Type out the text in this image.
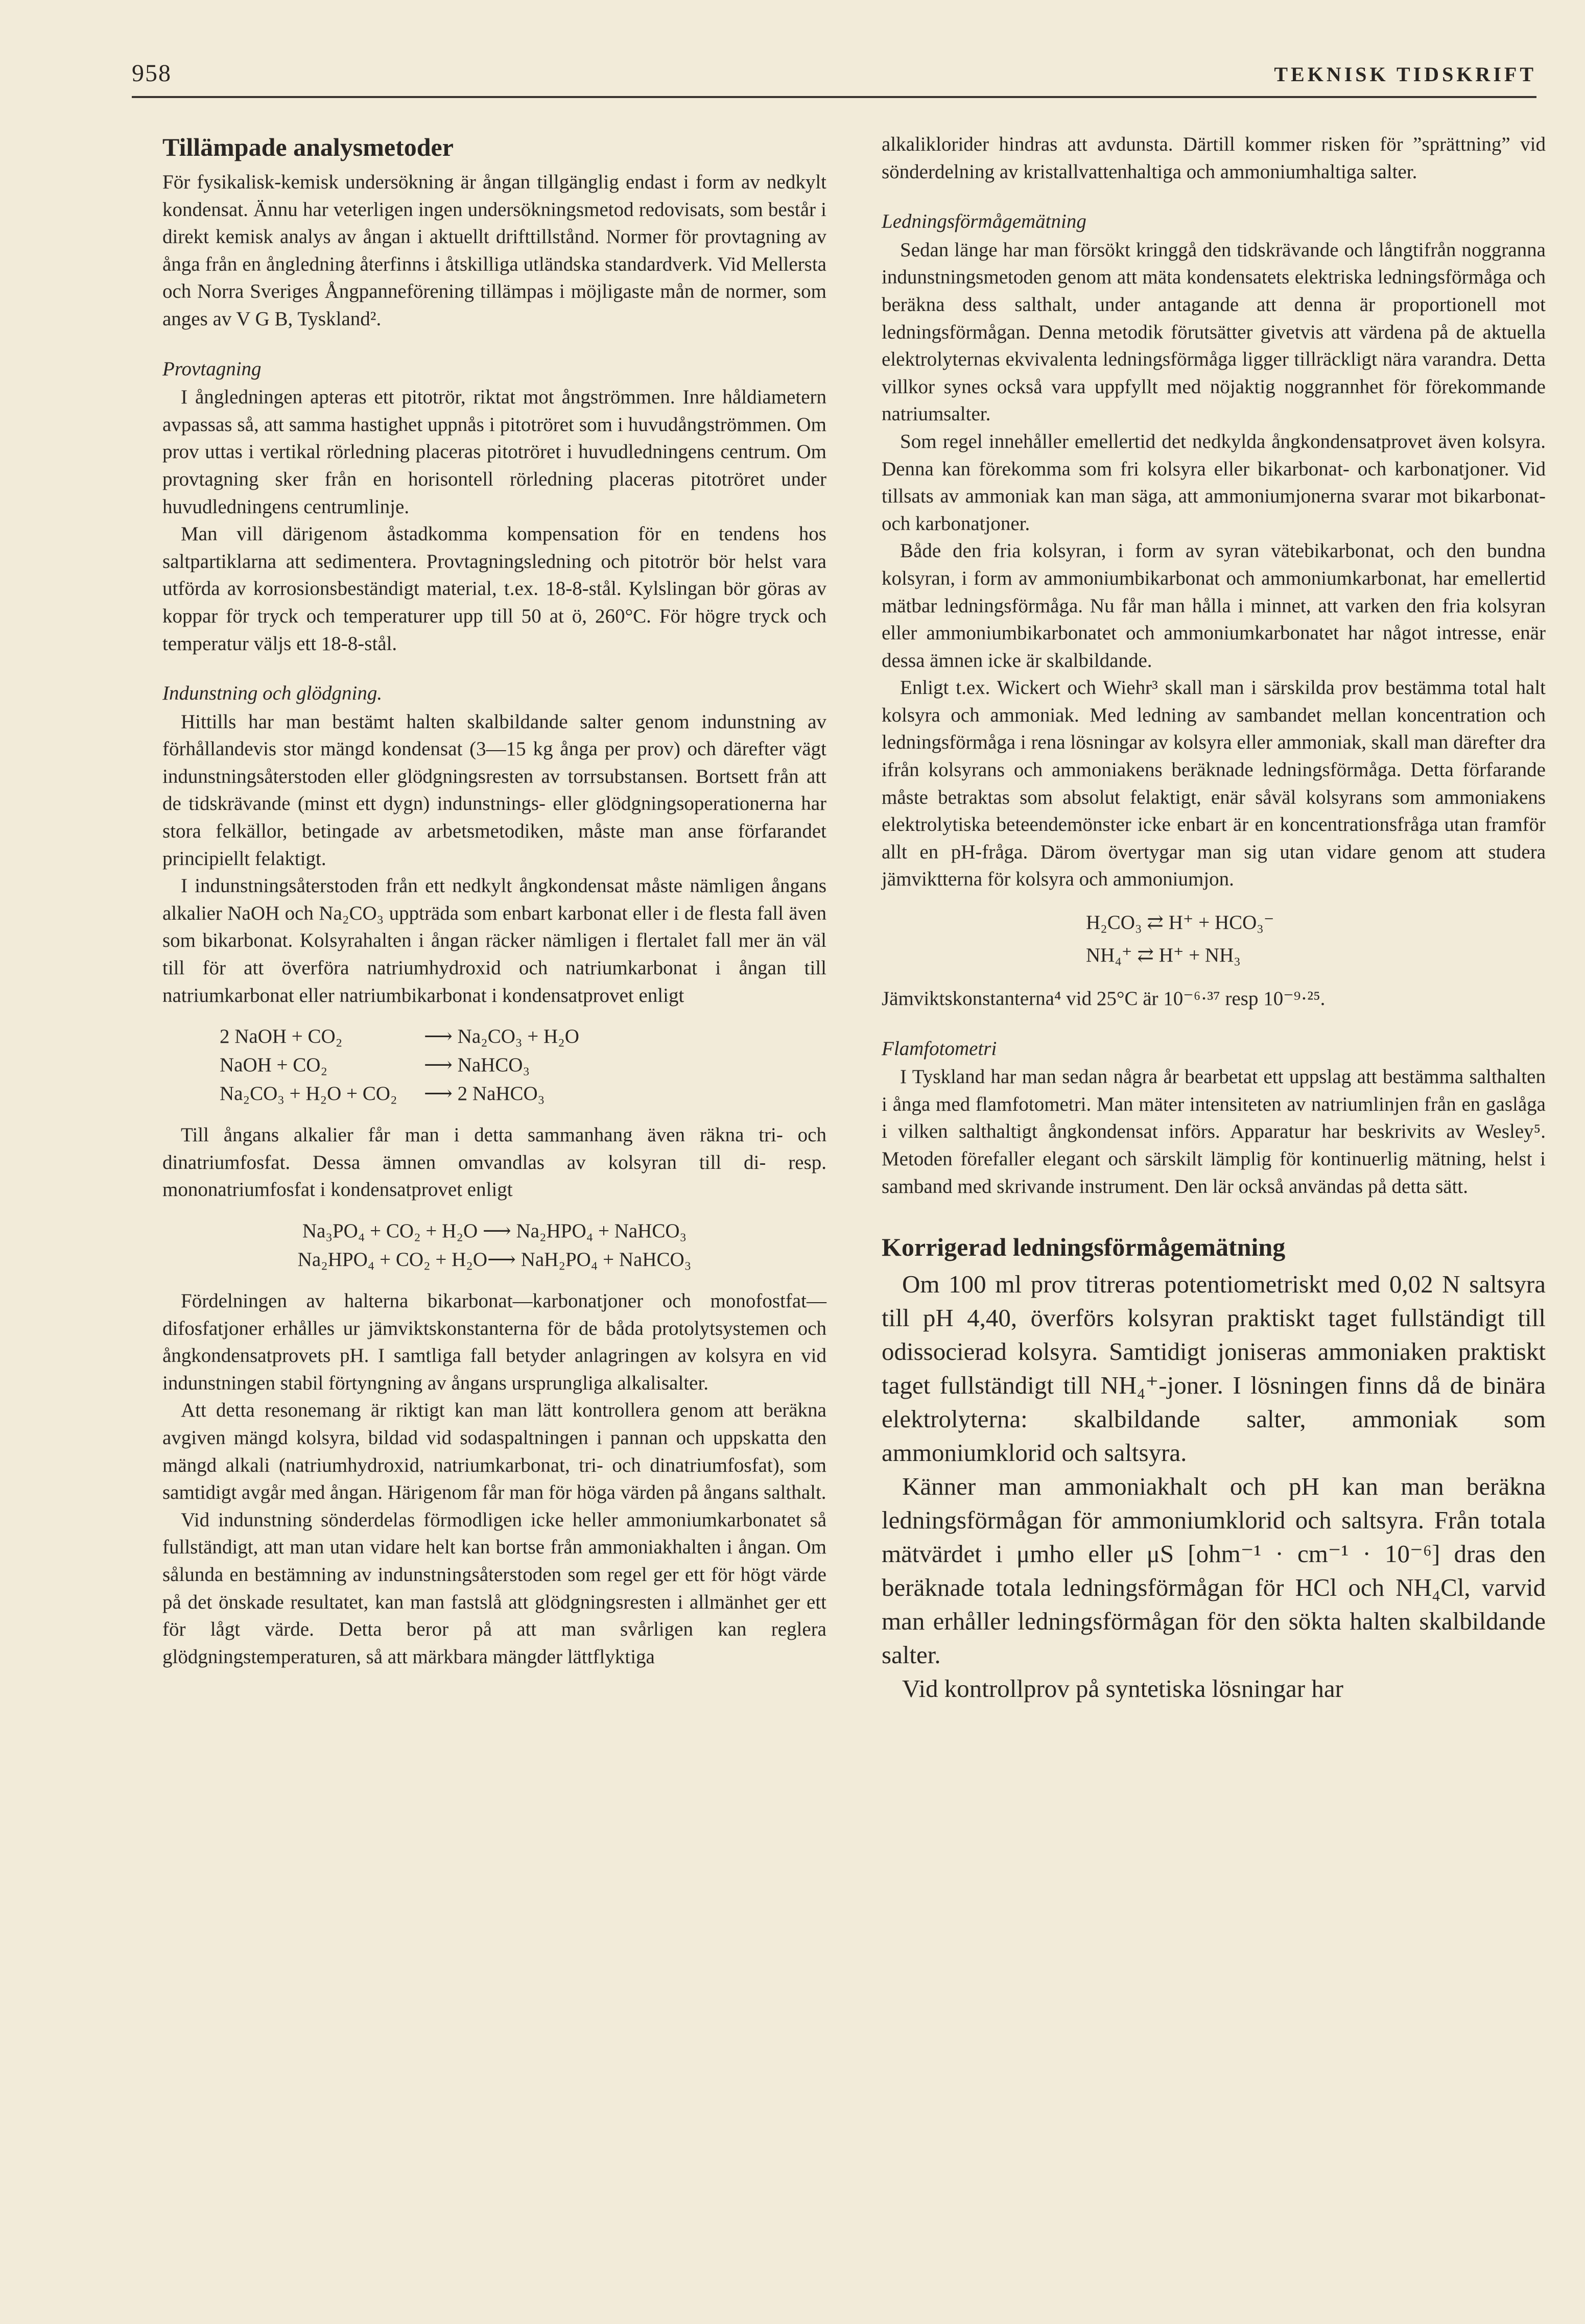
958	TEKNISK TIDSKRIFT
Tillämpade analysmetoder

För fysikalisk-kemisk undersökning är ångan tillgänglig endast i form av nedkylt kondensat. Ännu har veterligen ingen undersökningsmetod redovisats, som består i direkt kemisk analys av ångan i aktuellt drifttillstånd. Normer för provtagning av ånga från en ångledning återfinns i åtskilliga utländska standardverk. Vid Mellersta och Norra Sveriges Ångpanneförening tillämpas i möjligaste mån de normer, som anges av V G B, Tyskland².

Provtagning

I ångledningen apteras ett pitotrör, riktat mot ångströmmen. Inre håldiametern avpassas så, att samma hastighet uppnås i pitotröret som i huvudångströmmen. Om prov uttas i vertikal rörledning placeras pitotröret i huvudledningens centrum. Om provtagning sker från en horisontell rörledning placeras pitotröret under huvudledningens centrumlinje.

Man vill därigenom åstadkomma kompensation för en tendens hos saltpartiklarna att sedimentera. Provtagningsledning och pitotrör bör helst vara utförda av korrosionsbeständigt material, t.ex. 18-8-stål. Kylslingan bör göras av koppar för tryck och temperaturer upp till 50 at ö, 260°C. För högre tryck och temperatur väljs ett 18-8-stål.

Indunstning och glödgning.

Hittills har man bestämt halten skalbildande salter genom indunstning av förhållandevis stor mängd kondensat (3—15 kg ånga per prov) och därefter vägt indunstningsåterstoden eller glödgningsresten av torrsubstansen. Bortsett från att de tidskrävande (minst ett dygn) indunstnings- eller glödgningsoperationerna har stora felkällor, betingade av arbetsmetodiken, måste man anse förfarandet principiellt felaktigt.

I indunstningsåterstoden från ett nedkylt ångkondensat måste nämligen ångans alkalier NaOH och Na₂CO₃ uppträda som enbart karbonat eller i de flesta fall även som bikarbonat. Kolsyrahalten i ångan räcker nämligen i flertalet fall mer än väl till för att överföra natriumhydroxid och natriumkarbonat i ångan till natriumkarbonat eller natriumbikarbonat i kondensatprovet enligt

2 NaOH + CO₂	⟶ Na₂CO₃ + H₂O
NaOH + CO₂	⟶ NaHCO₃
Na₂CO₃ + H₂O + CO₂	⟶ 2 NaHCO₃

Till ångans alkalier får man i detta sammanhang även räkna tri- och dinatriumfosfat. Dessa ämnen omvandlas av kolsyran till di- resp. mononatriumfosfat i kondensatprovet enligt

Na₃PO₄ + CO₂ + H₂O ⟶ Na₂HPO₄ + NaHCO₃
Na₂HPO₄ + CO₂ + H₂O⟶ NaH₂PO₄ + NaHCO₃

Fördelningen av halterna bikarbonat—karbonatjoner och monofostfat—difosfatjoner erhålles ur jämviktskonstanterna för de båda protolytsystemen och ångkondensatprovets pH. I samtliga fall betyder anlagringen av kolsyra en vid indunstningen stabil förtyngning av ångans ursprungliga alkalisalter.

Att detta resonemang är riktigt kan man lätt kontrollera genom att beräkna avgiven mängd kolsyra, bildad vid sodaspaltningen i pannan och uppskatta den mängd alkali (natriumhydroxid, natriumkarbonat, tri- och dinatriumfosfat), som samtidigt avgår med ångan. Härigenom får man för höga värden på ångans salthalt.

Vid indunstning sönderdelas förmodligen icke heller ammoniumkarbonatet så fullständigt, att man utan vidare helt kan bortse från ammoniakhalten i ångan. Om sålunda en bestämning av indunstningsåterstoden som regel ger ett för högt värde på det önskade resultatet, kan man fastslå att glödgningsresten i allmänhet ger ett för lågt värde. Detta beror på att man svårligen kan reglera glödgningstemperaturen, så att märkbara mängder lättflyktiga

alkaliklorider hindras att avdunsta. Därtill kommer risken för ”sprättning” vid sönderdelning av kristallvattenhaltiga och ammoniumhaltiga salter.

Ledningsförmågemätning

Sedan länge har man försökt kringgå den tidskrävande och långtifrån noggranna indunstningsmetoden genom att mäta kondensatets elektriska ledningsförmåga och beräkna dess salthalt, under antagande att denna är proportionell mot ledningsförmågan. Denna metodik förutsätter givetvis att värdena på de aktuella elektrolyternas ekvivalenta ledningsförmåga ligger tillräckligt nära varandra. Detta villkor synes också vara uppfyllt med nöjaktig noggrannhet för förekommande natriumsalter.

Som regel innehåller emellertid det nedkylda ångkondensatprovet även kolsyra. Denna kan förekomma som fri kolsyra eller bikarbonat- och karbonatjoner. Vid tillsats av ammoniak kan man säga, att ammoniumjonerna svarar mot bikarbonat- och karbonatjoner.

Både den fria kolsyran, i form av syran vätebikarbonat, och den bundna kolsyran, i form av ammoniumbikarbonat och ammoniumkarbonat, har emellertid mätbar ledningsförmåga. Nu får man hålla i minnet, att varken den fria kolsyran eller ammoniumbikarbonatet och ammoniumkarbonatet har något intresse, enär dessa ämnen icke är skalbildande.

Enligt t.ex. Wickert och Wiehr³ skall man i särskilda prov bestämma total halt kolsyra och ammoniak. Med ledning av sambandet mellan koncentration och ledningsförmåga i rena lösningar av kolsyra eller ammoniak, skall man därefter dra ifrån kolsyrans och ammoniakens beräknade ledningsförmåga. Detta förfarande måste betraktas som absolut felaktigt, enär såväl kolsyrans som ammoniakens elektrolytiska beteendemönster icke enbart är en koncentrationsfråga utan framför allt en pH-fråga. Därom övertygar man sig utan vidare genom att studera jämviktterna för kolsyra och ammoniumjon.

H₂CO₃ ⇄ H⁺ + HCO₃⁻
NH₄⁺ ⇄ H⁺ + NH₃

Jämviktskonstanterna⁴ vid 25°C är 10⁻⁶·³⁷ resp 10⁻⁹·²⁵.

Flamfotometri

I Tyskland har man sedan några år bearbetat ett uppslag att bestämma salthalten i ånga med flamfotometri. Man mäter intensiteten av natriumlinjen från en gaslåga i vilken salthaltigt ångkondensat införs. Apparatur har beskrivits av Wesley⁵. Metoden förefaller elegant och särskilt lämplig för kontinuerlig mätning, helst i samband med skrivande instrument. Den lär också användas på detta sätt.

Korrigerad ledningsförmågemätning

Om 100 ml prov titreras potentiometriskt med 0,02 N saltsyra till pH 4,40, överförs kolsyran praktiskt taget fullständigt till odissocierad kolsyra. Samtidigt joniseras ammoniaken praktiskt taget fullständigt till NH₄⁺-joner. I lösningen finns då de binära elektrolyterna: skalbildande salter, ammoniak som ammoniumklorid och saltsyra.

Känner man ammoniakhalt och pH kan man beräkna ledningsförmågan för ammoniumklorid och saltsyra. Från totala mätvärdet i μmho eller μS [ohm⁻¹ · cm⁻¹ · 10⁻⁶] dras den beräknade totala ledningsförmågan för HCl och NH₄Cl, varvid man erhåller ledningsförmågan för den sökta halten skalbildande salter.

Vid kontrollprov på syntetiska lösningar har
